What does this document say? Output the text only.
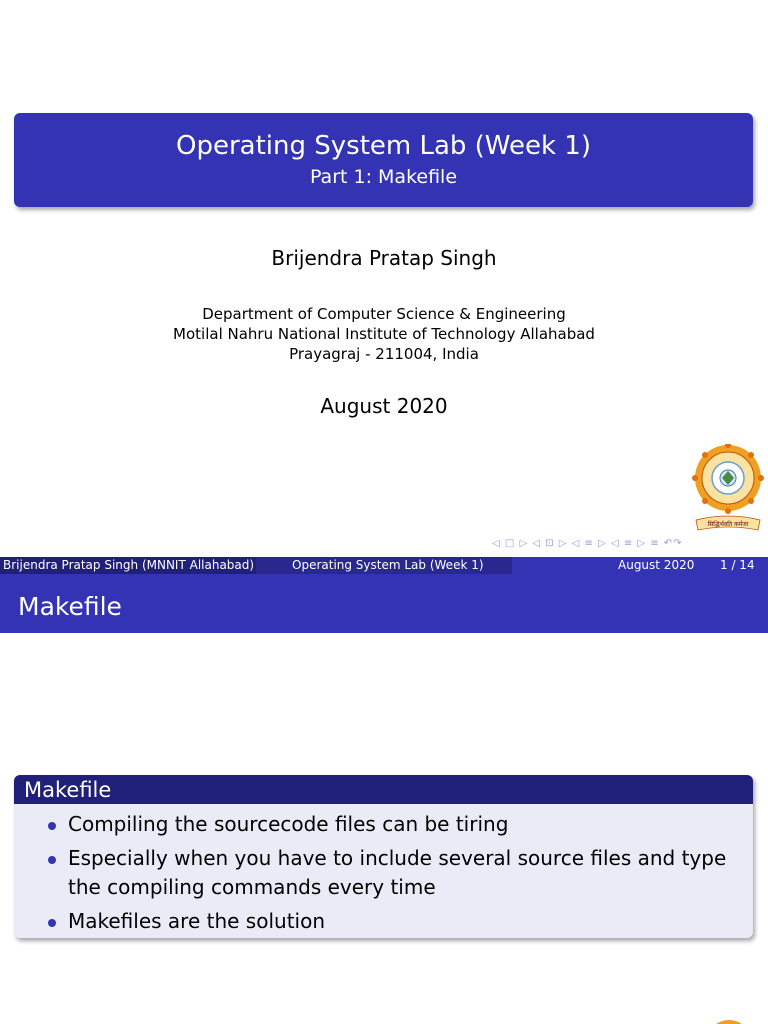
Operating System Lab (Week 1)
Part 1: Makefile
Brijendra Pratap Singh
Department of Computer Science & Engineering
Motilal Nahru National Institute of Technology Allahabad
Prayagraj - 211004, India
August 2020
सिद्धिर्भवति कर्मजा
◁ □ ▷ ◁ ⊡ ▷ ◁ ≡ ▷ ◁ ≡ ▷ ≡ ↶↷
Brijendra Pratap Singh (MNNIT Allahabad)	Operating System Lab (Week 1)	August 2020 1 / 14
Makefile
Makefile
Compiling the sourcecode files can be tiring
Especially when you have to include several source files and type the compiling commands every time
Makefiles are the solution
